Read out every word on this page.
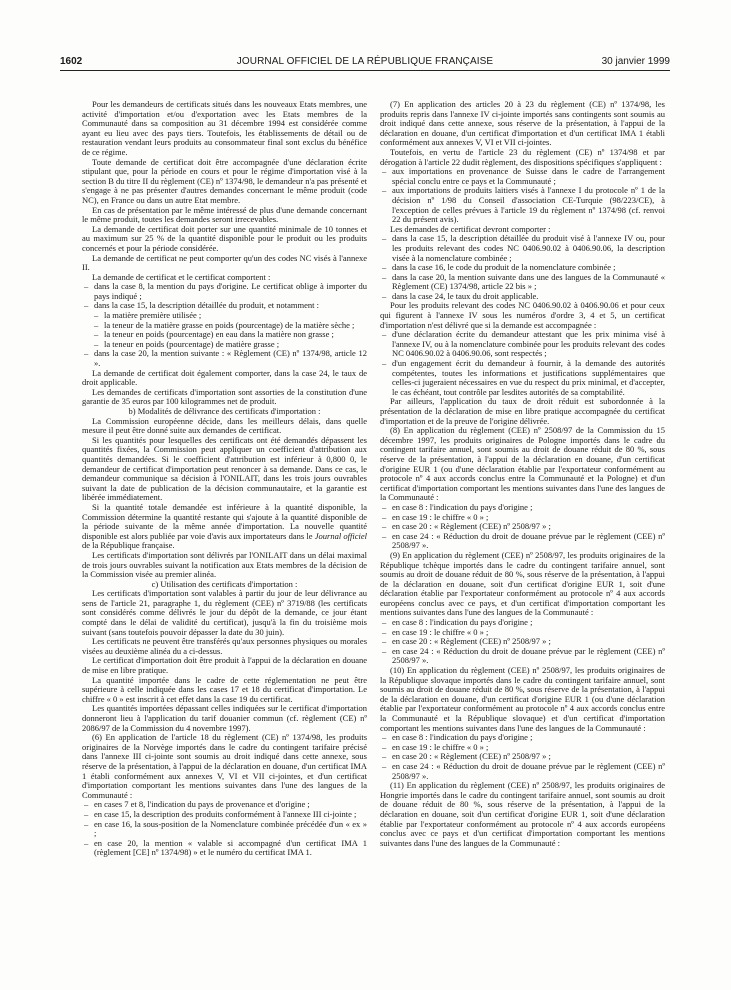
1602	JOURNAL OFFICIEL DE LA RÉPUBLIQUE FRANÇAISE	30 janvier 1999

Pour les demandeurs de certificats situés dans les nouveaux Etats membres, une activité d'importation et/ou d'exportation avec les Etats membres de la Communauté dans sa composition au 31 décembre 1994 est considérée comme ayant eu lieu avec des pays tiers. Toutefois, les établissements de détail ou de restauration vendant leurs produits au consommateur final sont exclus du bénéfice de ce régime.

Toute demande de certificat doit être accompagnée d'une déclaration écrite stipulant que, pour la période en cours et pour le régime d'importation visé à la section B du titre II du règlement (CE) nº 1374/98, le demandeur n'a pas présenté et s'engage à ne pas présenter d'autres demandes concernant le même produit (code NC), en France ou dans un autre Etat membre.

En cas de présentation par le même intéressé de plus d'une demande concernant le même produit, toutes les demandes seront irrecevables.

La demande de certificat doit porter sur une quantité minimale de 10 tonnes et au maximum sur 25 % de la quantité disponible pour le produit ou les produits concernés et pour la période considérée.

La demande de certificat ne peut comporter qu'un des codes NC visés à l'annexe II.

La demande de certificat et le certificat comportent :

– dans la case 8, la mention du pays d'origine. Le certificat oblige à importer du pays indiqué ;
– dans la case 15, la description détaillée du produit, et notamment :
– la matière première utilisée ;
– la teneur de la matière grasse en poids (pourcentage) de la matière sèche ;
– la teneur en poids (pourcentage) en eau dans la matière non grasse ;
– la teneur en poids (pourcentage) de matière grasse ;
– dans la case 20, la mention suivante : « Règlement (CE) nº 1374/98, article 12 ».

La demande de certificat doit également comporter, dans la case 24, le taux de droit applicable.

Les demandes de certificats d'importation sont assorties de la constitution d'une garantie de 35 euros par 100 kilogrammes net de produit.

b) Modalités de délivrance des certificats d'importation :

La Commission européenne décide, dans les meilleurs délais, dans quelle mesure il peut être donné suite aux demandes de certificat.

Si les quantités pour lesquelles des certificats ont été demandés dépassent les quantités fixées, la Commission peut appliquer un coefficient d'attribution aux quantités demandées. Si le coefficient d'attribution est inférieur à 0,800 0, le demandeur de certificat d'importation peut renoncer à sa demande. Dans ce cas, le demandeur communique sa décision à l'ONILAIT, dans les trois jours ouvrables suivant la date de publication de la décision communautaire, et la garantie est libérée immédiatement.

Si la quantité totale demandée est inférieure à la quantité disponible, la Commission détermine la quantité restante qui s'ajoute à la quantité disponible de la période suivante de la même année d'importation. La nouvelle quantité disponible est alors publiée par voie d'avis aux importateurs dans le Journal officiel de la République française.

Les certificats d'importation sont délivrés par l'ONILAIT dans un délai maximal de trois jours ouvrables suivant la notification aux Etats membres de la décision de la Commission visée au premier alinéa.

c) Utilisation des certificats d'importation :

Les certificats d'importation sont valables à partir du jour de leur délivrance au sens de l'article 21, paragraphe 1, du règlement (CEE) nº 3719/88 (les certificats sont considérés comme délivrés le jour du dépôt de la demande, ce jour étant compté dans le délai de validité du certificat), jusqu'à la fin du troisième mois suivant (sans toutefois pouvoir dépasser la date du 30 juin).

Les certificats ne peuvent être transférés qu'aux personnes physiques ou morales visées au deuxième alinéa du a ci-dessus.

Le certificat d'importation doit être produit à l'appui de la déclaration en douane de mise en libre pratique.

La quantité importée dans le cadre de cette réglementation ne peut être supérieure à celle indiquée dans les cases 17 et 18 du certificat d'importation. Le chiffre « 0 » est inscrit à cet effet dans la case 19 du certificat.

Les quantités importées dépassant celles indiquées sur le certificat d'importation donneront lieu à l'application du tarif douanier commun (cf. règlement (CE) nº 2086/97 de la Commission du 4 novembre 1997).

(6) En application de l'article 18 du règlement (CE) nº 1374/98, les produits originaires de la Norvège importés dans le cadre du contingent tarifaire précisé dans l'annexe III ci-jointe sont soumis au droit indiqué dans cette annexe, sous réserve de la présentation, à l'appui de la déclaration en douane, d'un certificat IMA 1 établi conformément aux annexes V, VI et VII ci-jointes, et d'un certificat d'importation comportant les mentions suivantes dans l'une des langues de la Communauté :

– en cases 7 et 8, l'indication du pays de provenance et d'origine ;
– en case 15, la description des produits conformément à l'annexe III ci-jointe ;
– en case 16, la sous-position de la Nomenclature combinée précédée d'un « ex » ;
– en case 20, la mention « valable si accompagné d'un certificat IMA 1 (règlement [CE] nº 1374/98) » et le numéro du certificat IMA 1.

(7) En application des articles 20 à 23 du règlement (CE) nº 1374/98, les produits repris dans l'annexe IV ci-jointe importés sans contingents sont soumis au droit indiqué dans cette annexe, sous réserve de la présentation, à l'appui de la déclaration en douane, d'un certificat d'importation et d'un certificat IMA 1 établi conformément aux annexes V, VI et VII ci-jointes.

Toutefois, en vertu de l'article 23 du règlement (CE) nº 1374/98 et par dérogation à l'article 22 dudit règlement, des dispositions spécifiques s'appliquent :

– aux importations en provenance de Suisse dans le cadre de l'arrangement spécial conclu entre ce pays et la Communauté ;
– aux importations de produits laitiers visés à l'annexe I du protocole nº 1 de la décision nº 1/98 du Conseil d'association CE-Turquie (98/223/CE), à l'exception de celles prévues à l'article 19 du règlement nº 1374/98 (cf. renvoi 22 du présent avis).

Les demandes de certificat devront comporter :

– dans la case 15, la description détaillée du produit visé à l'annexe IV ou, pour les produits relevant des codes NC 0406.90.02 à 0406.90.06, la description visée à la nomenclature combinée ;
– dans la case 16, le code du produit de la nomenclature combinée ;
– dans la case 20, la mention suivante dans une des langues de la Communauté « Règlement (CE) 1374/98, article 22 bis » ;
– dans la case 24, le taux du droit applicable.

Pour les produits relevant des codes NC 0406.90.02 à 0406.90.06 et pour ceux qui figurent à l'annexe IV sous les numéros d'ordre 3, 4 et 5, un certificat d'importation n'est délivré que si la demande est accompagnée :

– d'une déclaration écrite du demandeur attestant que les prix minima visé à l'annexe IV, ou à la nomenclature combinée pour les produits relevant des codes NC 0406.90.02 à 0406.90.06, sont respectés ;
– d'un engagement écrit du demandeur à fournir, à la demande des autorités compétentes, toutes les informations et justifications supplémentaires que celles-ci jugeraient nécessaires en vue du respect du prix minimal, et d'accepter, le cas échéant, tout contrôle par lesdites autorités de sa comptabilité.

Par ailleurs, l'application du taux de droit réduit est subordonnée à la présentation de la déclaration de mise en libre pratique accompagnée du certificat d'importation et de la preuve de l'origine délivrée.

(8) En application du règlement (CEE) nº 2508/97 de la Commission du 15 décembre 1997, les produits originaires de Pologne importés dans le cadre du contingent tarifaire annuel, sont soumis au droit de douane réduit de 80 %, sous réserve de la présentation, à l'appui de la déclaration en douane, d'un certificat d'origine EUR 1 (ou d'une déclaration établie par l'exportateur conformément au protocole nº 4 aux accords conclus entre la Communauté et la Pologne) et d'un certificat d'importation comportant les mentions suivantes dans l'une des langues de la Communauté :

– en case 8 : l'indication du pays d'origine ;
– en case 19 : le chiffre « 0 » ;
– en case 20 : « Règlement (CEE) nº 2508/97 » ;
– en case 24 : « Réduction du droit de douane prévue par le règlement (CEE) nº 2508/97 ».

(9) En application du règlement (CEE) nº 2508/97, les produits originaires de la République tchèque importés dans le cadre du contingent tarifaire annuel, sont soumis au droit de douane réduit de 80 %, sous réserve de la présentation, à l'appui de la déclaration en douane, soit d'un certificat d'origine EUR 1, soit d'une déclaration établie par l'exportateur conformément au protocole nº 4 aux accords européens conclus avec ce pays, et d'un certificat d'importation comportant les mentions suivantes dans l'une des langues de la Communauté :

– en case 8 : l'indication du pays d'origine ;
– en case 19 : le chiffre « 0 » ;
– en case 20 : « Règlement (CEE) nº 2508/97 » ;
– en case 24 : « Réduction du droit de douane prévue par le règlement (CEE) nº 2508/97 ».

(10) En application du règlement (CEE) nº 2508/97, les produits originaires de la République slovaque importés dans le cadre du contingent tarifaire annuel, sont soumis au droit de douane réduit de 80 %, sous réserve de la présentation, à l'appui de la déclaration en douane, d'un certificat d'origine EUR 1 (ou d'une déclaration établie par l'exportateur conformément au protocole nº 4 aux accords conclus entre la Communauté et la République slovaque) et d'un certificat d'importation comportant les mentions suivantes dans l'une des langues de la Communauté :

– en case 8 : l'indication du pays d'origine ;
– en case 19 : le chiffre « 0 » ;
– en case 20 : « Règlement (CEE) nº 2508/97 » ;
– en case 24 : « Réduction du droit de douane prévue par le règlement (CEE) nº 2508/97 ».

(11) En application du règlement (CEE) nº 2508/97, les produits originaires de Hongrie importés dans le cadre du contingent tarifaire annuel, sont soumis au droit de douane réduit de 80 %, sous réserve de la présentation, à l'appui de la déclaration en douane, soit d'un certificat d'origine EUR 1, soit d'une déclaration établie par l'exportateur conformément au protocole nº 4 aux accords européens conclus avec ce pays et d'un certificat d'importation comportant les mentions suivantes dans l'une des langues de la Communauté :
